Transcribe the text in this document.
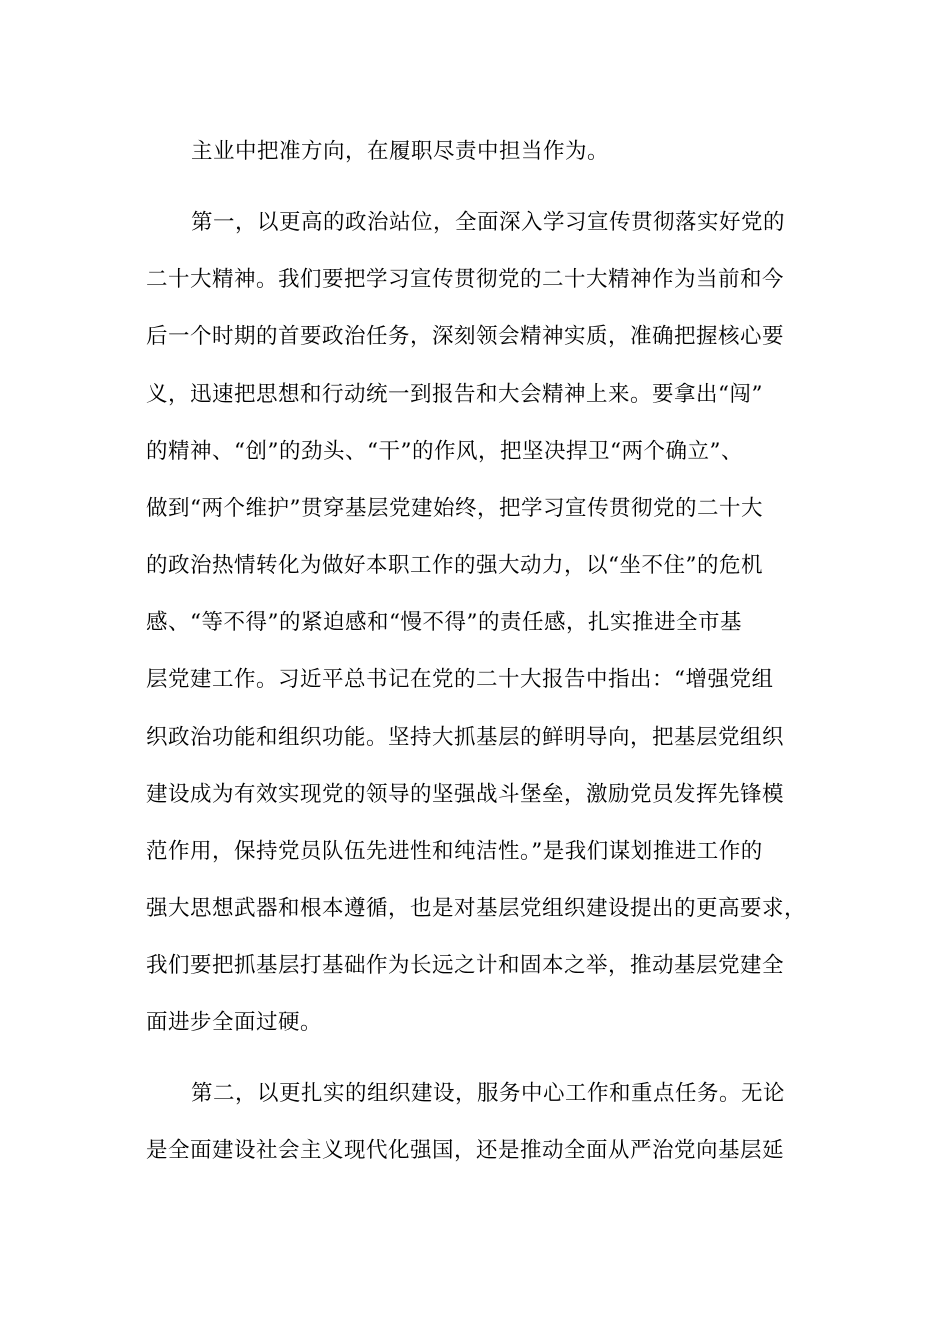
主业中把准方向，在履职尽责中担当作为。
第一，以更高的政治站位，全面深入学习宣传贯彻落实好党的
二十大精神。我们要把学习宣传贯彻党的二十大精神作为当前和今
后一个时期的首要政治任务，深刻领会精神实质，准确把握核心要
义，迅速把思想和行动统一到报告和大会精神上来。要拿出“闯”
的精神、“创”的劲头、“干”的作风，把坚决捍卫“两个确立”、
做到“两个维护”贯穿基层党建始终，把学习宣传贯彻党的二十大
的政治热情转化为做好本职工作的强大动力，以“坐不住”的危机
感、“等不得”的紧迫感和“慢不得”的责任感，扎实推进全市基
层党建工作。习近平总书记在党的二十大报告中指出：“增强党组
织政治功能和组织功能。坚持大抓基层的鲜明导向，把基层党组织
建设成为有效实现党的领导的坚强战斗堡垒，激励党员发挥先锋模
范作用，保持党员队伍先进性和纯洁性。”是我们谋划推进工作的
强大思想武器和根本遵循，也是对基层党组织建设提出的更高要求，
我们要把抓基层打基础作为长远之计和固本之举，推动基层党建全
面进步全面过硬。
第二，以更扎实的组织建设，服务中心工作和重点任务。无论
是全面建设社会主义现代化强国，还是推动全面从严治党向基层延
